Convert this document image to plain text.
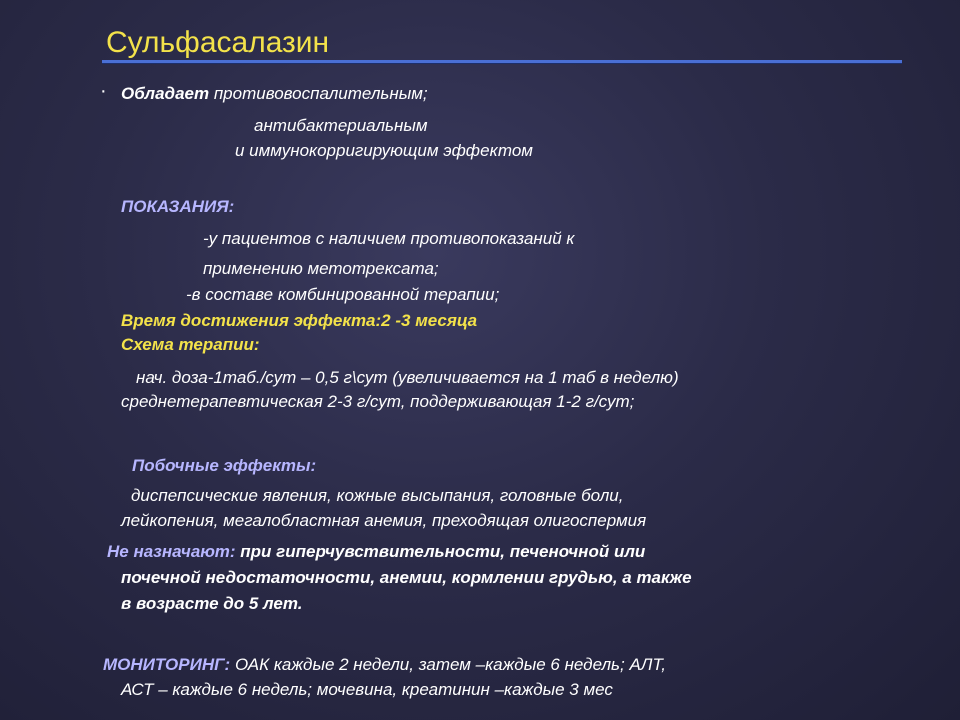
Сульфасалазин
· Обладает противовоспалительным;
антибактериальным
и иммунокорригирующим эффектом
ПОКАЗАНИЯ:
-у пациентов с наличием противопоказаний к
применению метотрексата;
-в составе комбинированной терапии;
Время достижения эффекта:2 -3 месяца
Схема терапии:
нач. доза-1таб./сут – 0,5 г\сут (увеличивается на 1 таб в неделю)
среднетерапевтическая 2-3 г/сут, поддерживающая 1-2 г/сут;
Побочные эффекты:
диспепсические явления, кожные высыпания, головные боли,
лейкопения, мегалобластная анемия, преходящая олигоспермия
Не назначают: при гиперчувствительности, печеночной или
почечной недостаточности, анемии, кормлении грудью, а также
в возрасте до 5 лет.
МОНИТОРИНГ: ОАК каждые 2 недели, затем –каждые 6 недель; АЛТ,
АСТ – каждые 6 недель; мочевина, креатинин –каждые 3 мес
